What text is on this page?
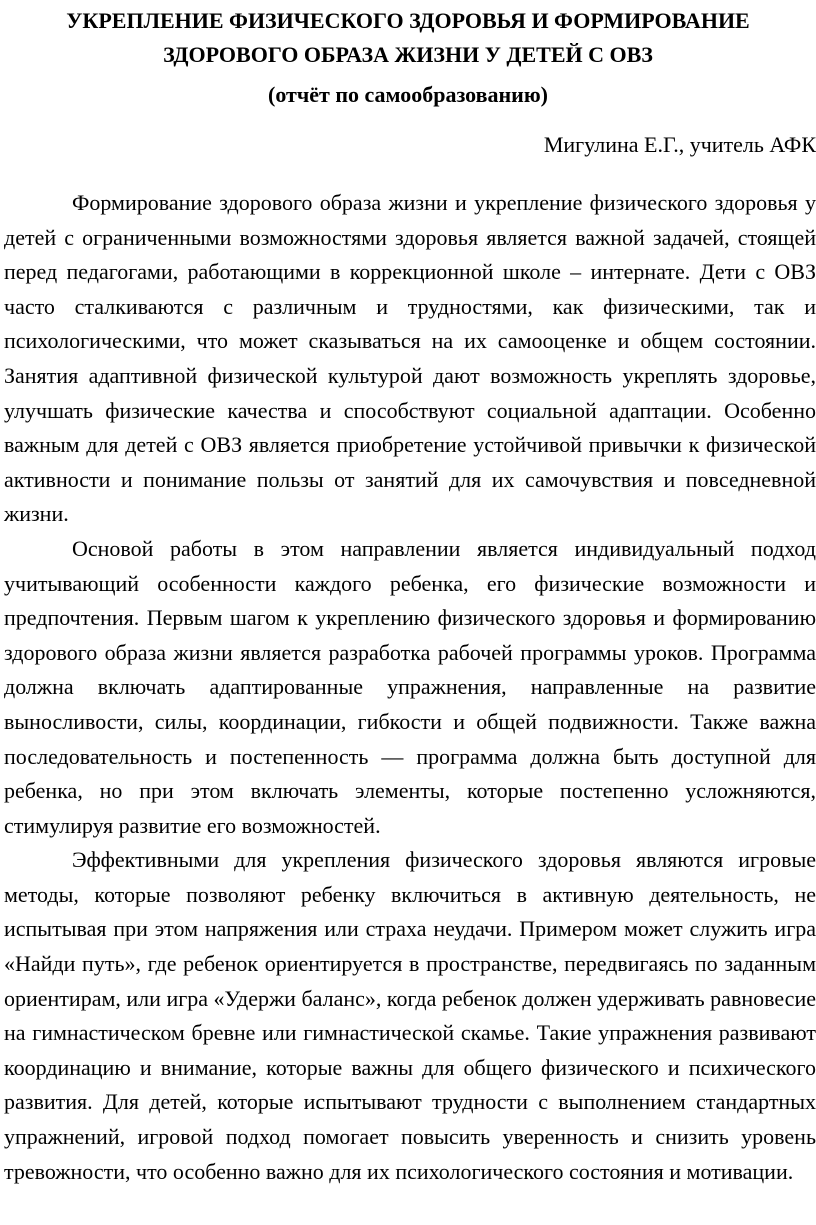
УКРЕПЛЕНИЕ ФИЗИЧЕСКОГО ЗДОРОВЬЯ И ФОРМИРОВАНИЕ ЗДОРОВОГО ОБРАЗА ЖИЗНИ У ДЕТЕЙ С ОВЗ
(отчёт по самообразованию)

Мигулина Е.Г., учитель АФК

Формирование здорового образа жизни и укрепление физического здоровья у детей с ограниченными возможностями здоровья является важной задачей, стоящей перед педагогами, работающими в коррекционной школе – интернате. Дети с ОВЗ часто сталкиваются с различным и трудностями, как физическими, так и психологическими, что может сказываться на их самооценке и общем состоянии. Занятия адаптивной физической культурой дают возможность укреплять здоровье, улучшать физические качества и способствуют социальной адаптации. Особенно важным для детей с ОВЗ является приобретение устойчивой привычки к физической активности и понимание пользы от занятий для их самочувствия и повседневной жизни.

Основой работы в этом направлении является индивидуальный подход учитывающий особенности каждого ребенка, его физические возможности и предпочтения. Первым шагом к укреплению физического здоровья и формированию здорового образа жизни является разработка рабочей программы уроков. Программа должна включать адаптированные упражнения, направленные на развитие выносливости, силы, координации, гибкости и общей подвижности. Также важна последовательность и постепенность — программа должна быть доступной для ребенка, но при этом включать элементы, которые постепенно усложняются, стимулируя развитие его возможностей.

Эффективными для укрепления физического здоровья являются игровые методы, которые позволяют ребенку включиться в активную деятельность, не испытывая при этом напряжения или страха неудачи. Примером может служить игра «Найди путь», где ребенок ориентируется в пространстве, передвигаясь по заданным ориентирам, или игра «Удержи баланс», когда ребенок должен удерживать равновесие на гимнастическом бревне или гимнастической скамье. Такие упражнения развивают координацию и внимание, которые важны для общего физического и психического развития. Для детей, которые испытывают трудности с выполнением стандартных упражнений, игровой подход помогает повысить уверенность и снизить уровень тревожности, что особенно важно для их психологического состояния и мотивации.
